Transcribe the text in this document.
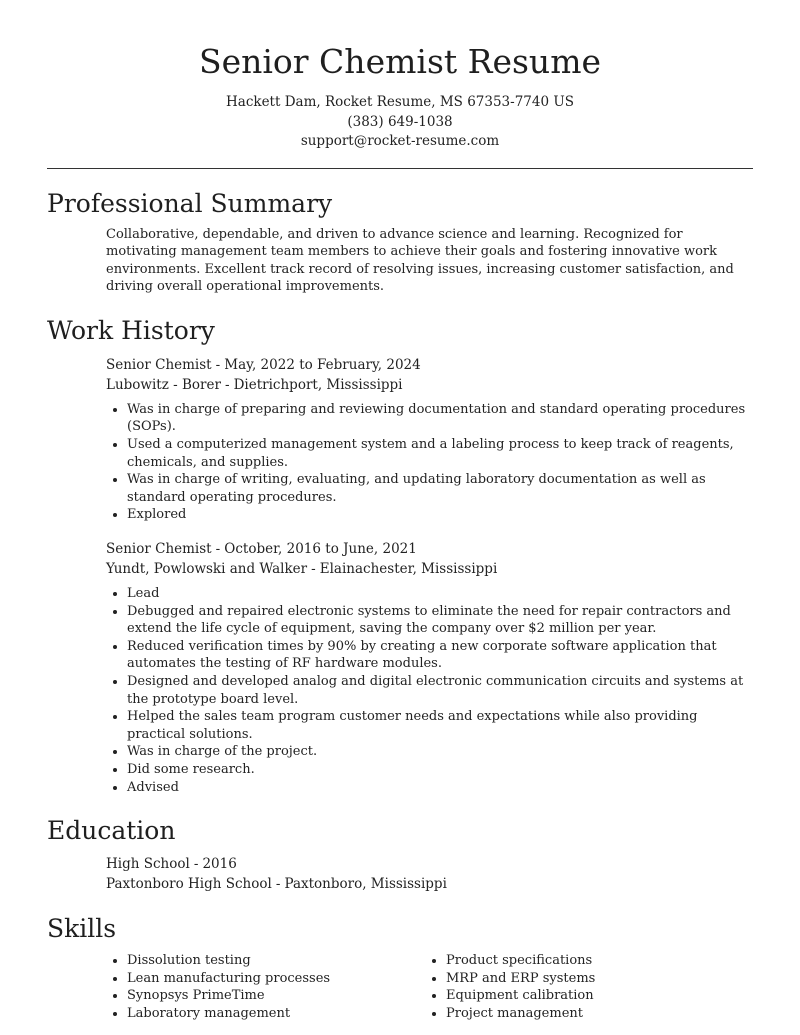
Senior Chemist Resume
Hackett Dam, Rocket Resume, MS 67353-7740 US
(383) 649-1038
support@rocket-resume.com
Professional Summary
Collaborative, dependable, and driven to advance science and learning. Recognized for motivating management team members to achieve their goals and fostering innovative work environments. Excellent track record of resolving issues, increasing customer satisfaction, and driving overall operational improvements.
Work History
Senior Chemist - May, 2022 to February, 2024
Lubowitz - Borer - Dietrichport, Mississippi
• Was in charge of preparing and reviewing documentation and standard operating procedures (SOPs).
• Used a computerized management system and a labeling process to keep track of reagents, chemicals, and supplies.
• Was in charge of writing, evaluating, and updating laboratory documentation as well as standard operating procedures.
• Explored
Senior Chemist - October, 2016 to June, 2021
Yundt, Powlowski and Walker - Elainachester, Mississippi
• Lead
• Debugged and repaired electronic systems to eliminate the need for repair contractors and extend the life cycle of equipment, saving the company over $2 million per year.
• Reduced verification times by 90% by creating a new corporate software application that automates the testing of RF hardware modules.
• Designed and developed analog and digital electronic communication circuits and systems at the prototype board level.
• Helped the sales team program customer needs and expectations while also providing practical solutions.
• Was in charge of the project.
• Did some research.
• Advised
Education
High School - 2016
Paxtonboro High School - Paxtonboro, Mississippi
Skills
• Dissolution testing
• Lean manufacturing processes
• Synopsys PrimeTime
• Laboratory management
• Product specifications
• MRP and ERP systems
• Equipment calibration
• Project management
